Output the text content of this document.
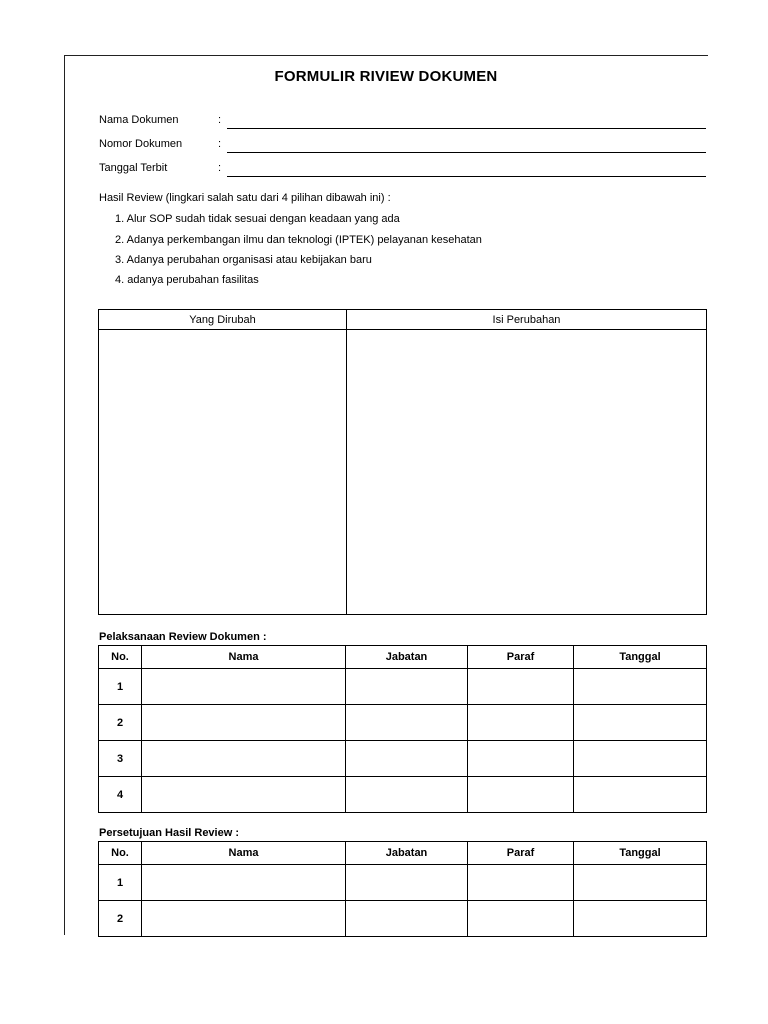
FORMULIR RIVIEW DOKUMEN
Nama Dokumen	:
Nomor Dokumen	:
Tanggal Terbit	:
Hasil Review (lingkari salah satu dari 4 pilihan dibawah ini) :
1. Alur SOP sudah tidak sesuai dengan keadaan yang ada
2. Adanya perkembangan ilmu dan teknologi (IPTEK) pelayanan kesehatan
3. Adanya perubahan organisasi atau kebijakan baru
4. adanya perubahan fasilitas
Yang Dirubah	Isi Perubahan

Pelaksanaan Review Dokumen :
No.	Nama	Jabatan	Paraf	Tanggal
1				
2				
3				
4				
Persetujuan Hasil Review :
No.	Nama	Jabatan	Paraf	Tanggal
1				
2				
